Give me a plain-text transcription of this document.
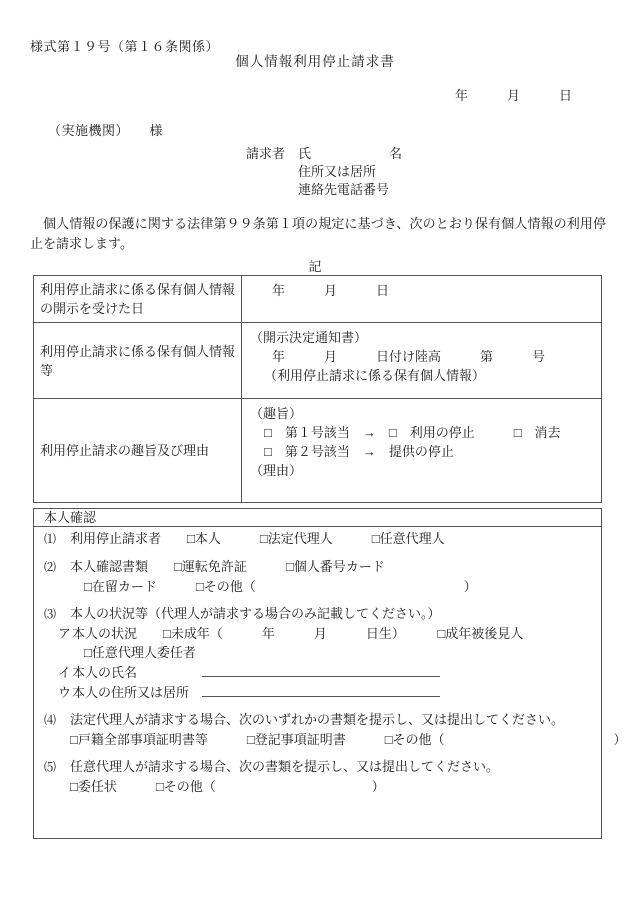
様式第１９号（第１６条関係）
個人情報利用停止請求書
年　　　月　　　日
（実施機関）　　様
請求者 氏　　　　　　名
住所又は居所
連絡先電話番号
個人情報の保護に関する法律第９９条第１項の規定に基づき、次のとおり保有個人情報の利用停止を請求します。
記
利用停止請求に係る保有個人情報の開示を受けた日	年　　　月　　　日

利用停止請求に係る保有個人情報等	（開示決定通知書）
年　　　月　　　日付け陸高　　　第　　　号
（利用停止請求に係る保有個人情報）

利用停止請求の趣旨及び理由	（趣旨）
□　第１号該当　→　□　利用の停止　　　□　消去
□　第２号該当　→　提供の停止
（理由）
本人確認
⑴ 利用停止請求者　　 □本人　　　□法定代理人　　　□任意代理人
⑵ 本人確認書類　　 □運転免許証　　　□個人番号カード
□在留カード　　　□その他（　　　　　　　　　　　　　　　　）
⑶ 本人の状況等（代理人が請求する場合のみ記載してください。）
ア本人の状況　　 □未成年（　　　年　　　月　　　日生）　　　□成年被後見人
□任意代理人委任者
イ本人の氏名　　　　　
ウ本人の住所又は居所　
⑷ 法定代理人が請求する場合、次のいずれかの書類を提示し、又は提出してください。
□戸籍全部事項証明書等　　　□登記事項証明書　　　□その他（　　　　　　　　　　　　　）
⑸ 任意代理人が請求する場合、次の書類を提示し、又は提出してください。
□委任状　　　□その他（　　　　　　　　　　　　）
